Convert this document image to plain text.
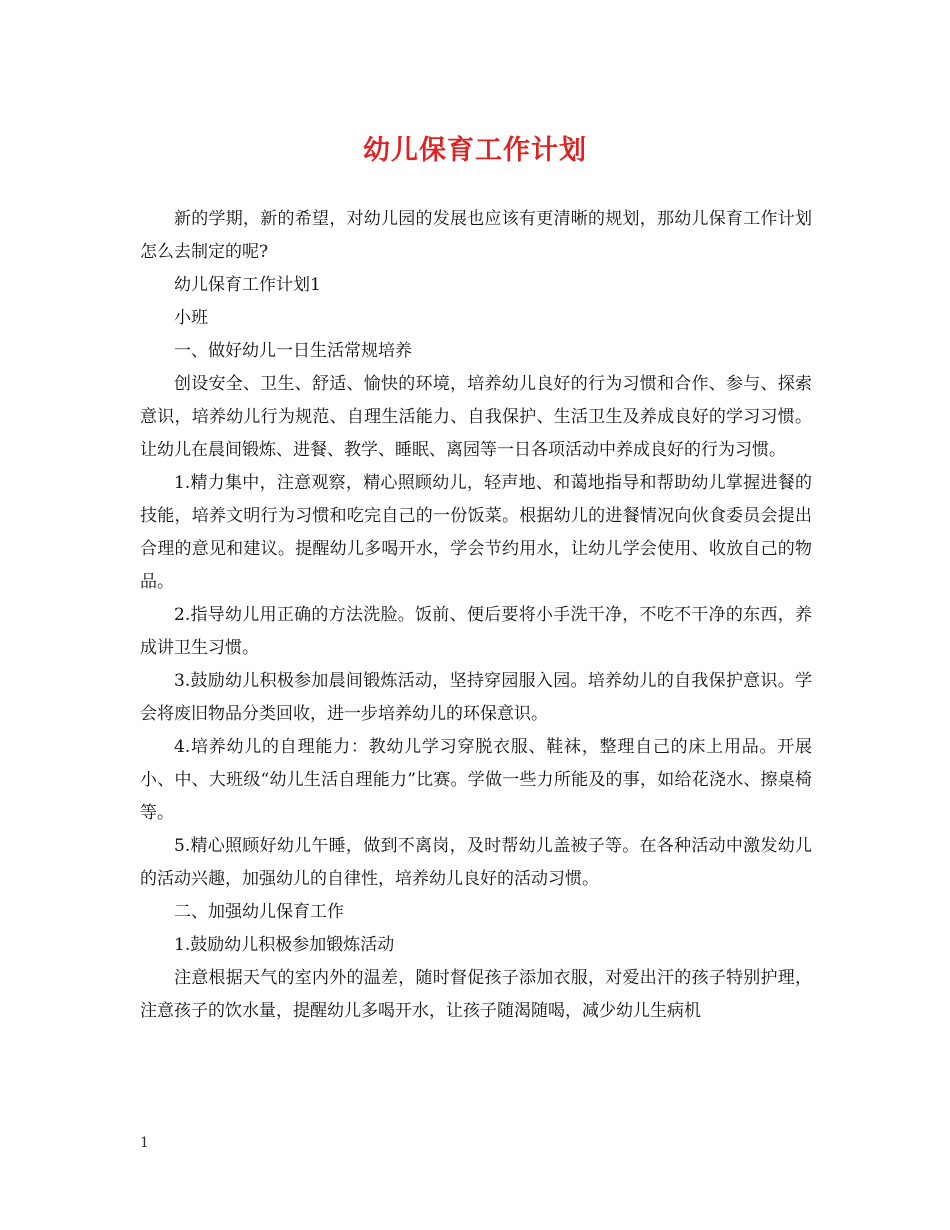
幼儿保育工作计划

新的学期，新的希望，对幼儿园的发展也应该有更清晰的规划，那幼儿保育工作计划怎么去制定的呢?

幼儿保育工作计划1

小班

一、做好幼儿一日生活常规培养

创设安全、卫生、舒适、愉快的环境，培养幼儿良好的行为习惯和合作、参与、探索意识，培养幼儿行为规范、自理生活能力、自我保护、生活卫生及养成良好的学习习惯。让幼儿在晨间锻炼、进餐、教学、睡眠、离园等一日各项活动中养成良好的行为习惯。

1.精力集中，注意观察，精心照顾幼儿，轻声地、和蔼地指导和帮助幼儿掌握进餐的技能，培养文明行为习惯和吃完自己的一份饭菜。根据幼儿的进餐情况向伙食委员会提出合理的意见和建议。提醒幼儿多喝开水，学会节约用水，让幼儿学会使用、收放自己的物品。

2.指导幼儿用正确的方法洗脸。饭前、便后要将小手洗干净，不吃不干净的东西，养成讲卫生习惯。

3.鼓励幼儿积极参加晨间锻炼活动，坚持穿园服入园。培养幼儿的自我保护意识。学会将废旧物品分类回收，进一步培养幼儿的环保意识。

4.培养幼儿的自理能力：教幼儿学习穿脱衣服、鞋袜，整理自己的床上用品。开展小、中、大班级“幼儿生活自理能力”比赛。学做一些力所能及的事，如给花浇水、擦桌椅等。

5.精心照顾好幼儿午睡，做到不离岗，及时帮幼儿盖被子等。在各种活动中激发幼儿的活动兴趣，加强幼儿的自律性，培养幼儿良好的活动习惯。

二、加强幼儿保育工作

1.鼓励幼儿积极参加锻炼活动

注意根据天气的室内外的温差，随时督促孩子添加衣服，对爱出汗的孩子特别护理，注意孩子的饮水量，提醒幼儿多喝开水，让孩子随渴随喝，减少幼儿生病机

1
